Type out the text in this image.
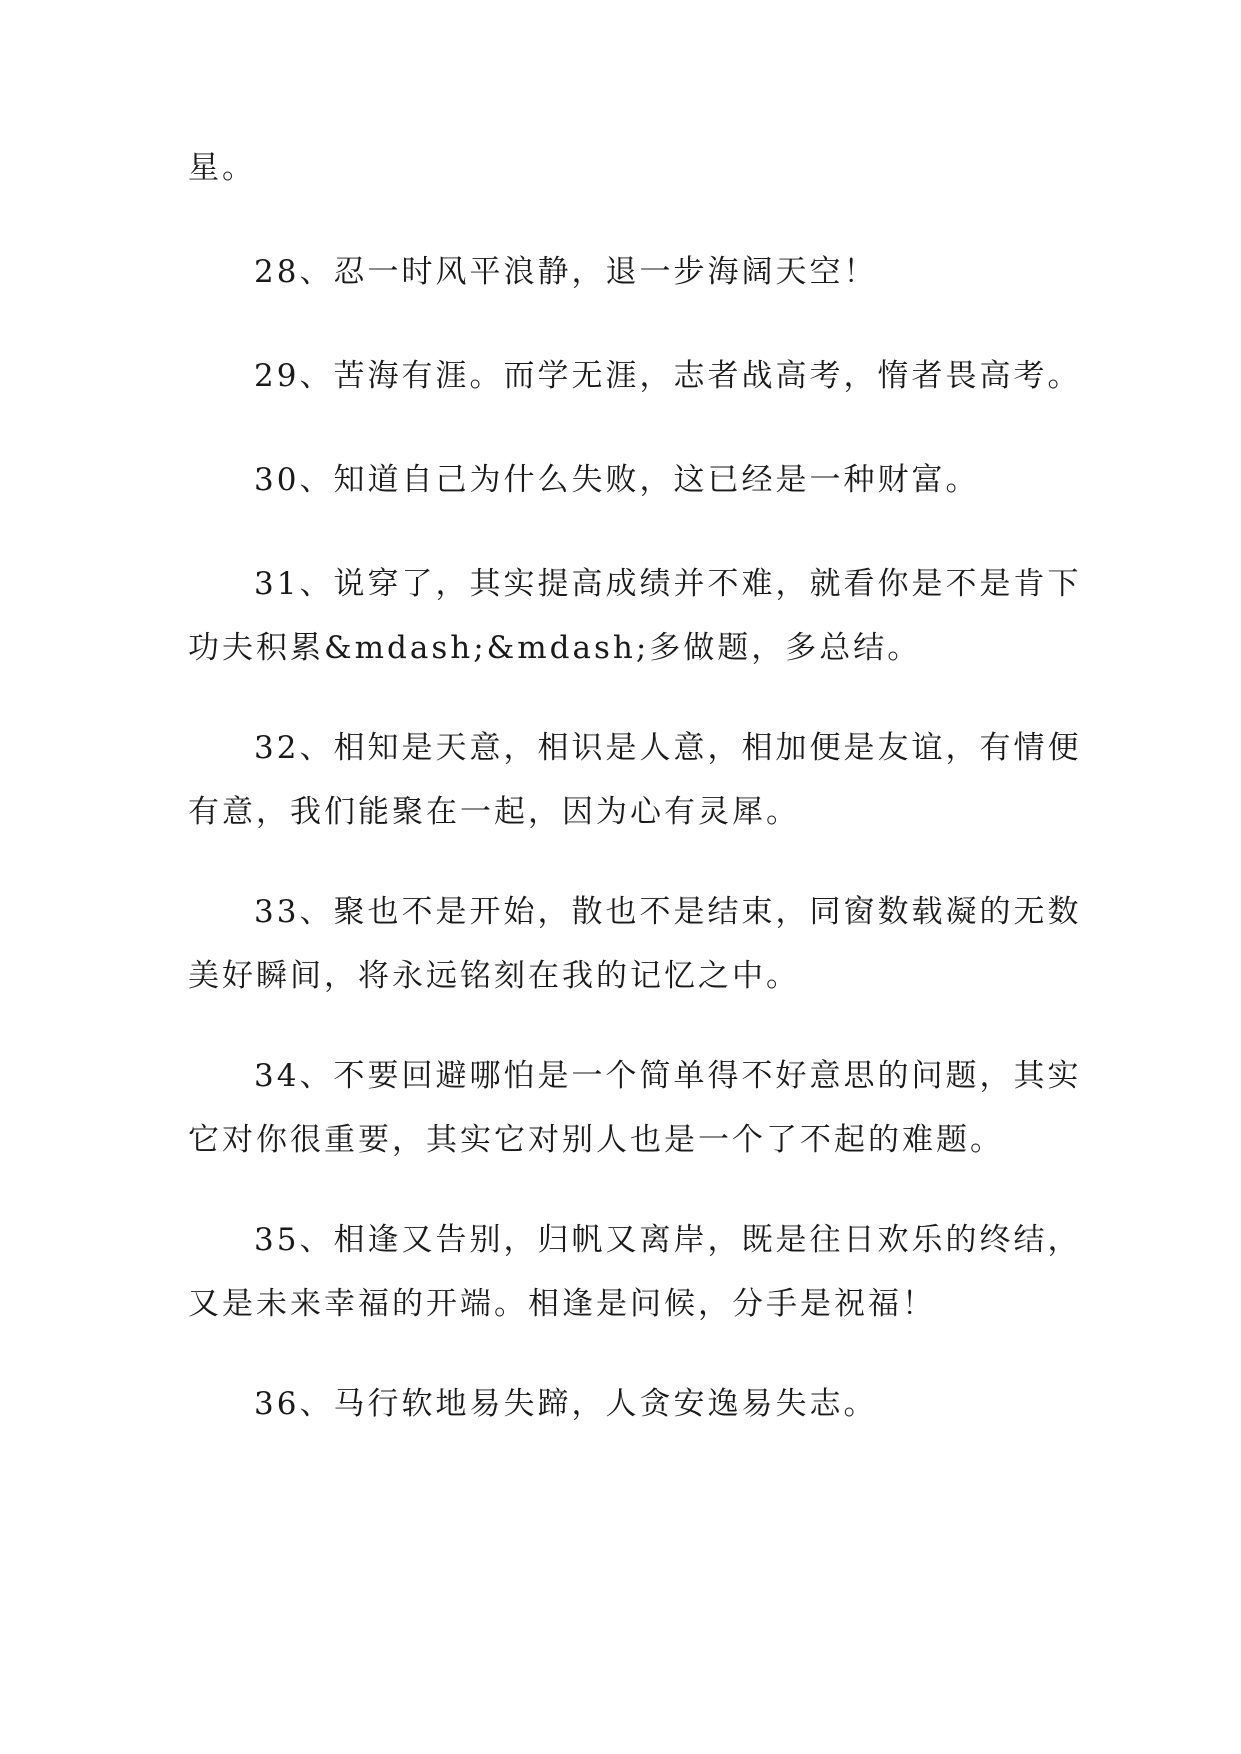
星。
28、忍一时风平浪静，退一步海阔天空！
29、苦海有涯。而学无涯，志者战高考，惰者畏高考。
30、知道自己为什么失败，这已经是一种财富。
31、说穿了，其实提高成绩并不难，就看你是不是肯下
功夫积累&mdash;&mdash;多做题，多总结。
32、相知是天意，相识是人意，相加便是友谊，有情便
有意，我们能聚在一起，因为心有灵犀。
33、聚也不是开始，散也不是结束，同窗数载凝的无数
美好瞬间，将永远铭刻在我的记忆之中。
34、不要回避哪怕是一个简单得不好意思的问题，其实
它对你很重要，其实它对别人也是一个了不起的难题。
35、相逢又告别，归帆又离岸，既是往日欢乐的终结，
又是未来幸福的开端。相逢是问候，分手是祝福！
36、马行软地易失蹄，人贪安逸易失志。
